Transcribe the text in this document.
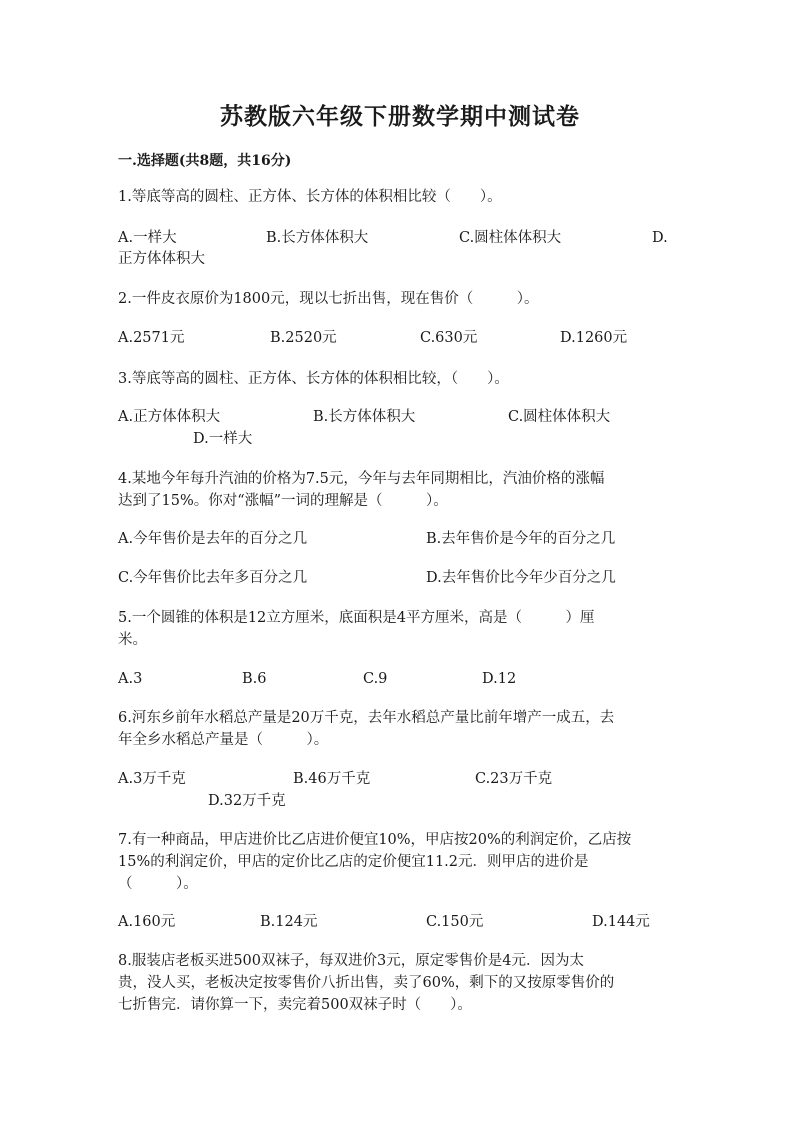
苏教版六年级下册数学期中测试卷
一.选择题(共8题，共16分)
1.等底等高的圆柱、正方体、长方体的体积相比较（　　）。
A.一样大	B.长方体体积大	C.圆柱体体积大	D.
正方体体积大
2.一件皮衣原价为1800元，现以七折出售，现在售价（　　　）。
A.2571元	B.2520元	C.630元	D.1260元
3.等底等高的圆柱、正方体、长方体的体积相比较，（　　）。
A.正方体体积大	B.长方体体积大	C.圆柱体体积大
D.一样大
4.某地今年每升汽油的价格为7.5元，今年与去年同期相比，汽油价格的涨幅
达到了15%。你对“涨幅”一词的理解是（　　　）。
A.今年售价是去年的百分之几	B.去年售价是今年的百分之几
C.今年售价比去年多百分之几	D.去年售价比今年少百分之几
5.一个圆锥的体积是12立方厘米，底面积是4平方厘米，高是（　　　）厘
米。
A.3	B.6	C.9	D.12
6.河东乡前年水稻总产量是20万千克，去年水稻总产量比前年增产一成五，去
年全乡水稻总产量是（　　　）。
A.3万千克	B.46万千克	C.23万千克
D.32万千克
7.有一种商品，甲店进价比乙店进价便宜10%，甲店按20%的利润定价，乙店按
15%的利润定价，甲店的定价比乙店的定价便宜11.2元．则甲店的进价是
（　　　）。
A.160元	B.124元	C.150元	D.144元
8.服装店老板买进500双袜子，每双进价3元，原定零售价是4元．因为太
贵，没人买，老板决定按零售价八折出售，卖了60%，剩下的又按原零售价的
七折售完．请你算一下，卖完着500双袜子时（　　）。
